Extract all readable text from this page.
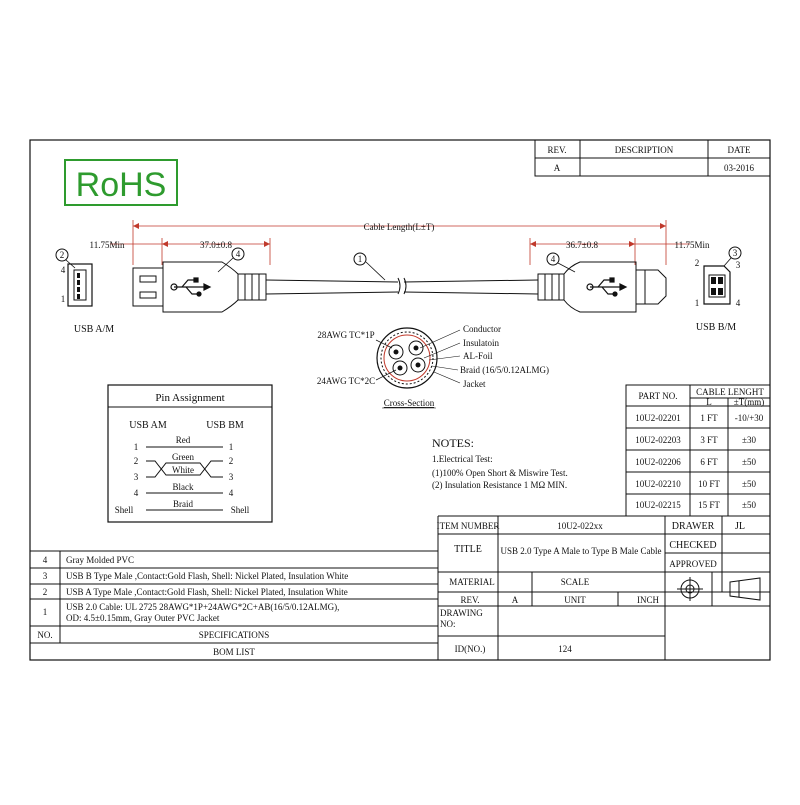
REV.	DESCRIPTION	DATE
A	03-2016
RoHS
Cable Length(L±T)
11.75Min	37.0±0.8	36.7±0.8	11.75Min
1
4	4
2	3
4
1
USB A/M
2	3
1	4
USB B/M
28AWG TC*1P
24AWG TC*2C
Cross-Section
Conductor
Insulatoin
AL-Foil
Braid (16/5/0.12ALMG)
Jacket
Pin Assignment
USB AM	USB BM
1	1
Red
2	2
3	3
Green
White
4	4
Black
Shell	Shell
Braid
NOTES:
1.Electrical Test:
(1)100% Open Short & Miswire Test.
(2) Insulation Resistance 1 MΩ MIN.
PART NO. CABLE LENGHT
L ±T(mm)
10U2-02201 1 FT -10/+30
10U2-02203 3 FT	±30
10U2-02206 6 FT	±50
10U2-02210 10 FT ±50
10U2-02215 15 FT ±50
ITEM NUMBER	10U2-022xx	DRAWER JL
TITLE USB 2.0 Type A Male to Type B Male Cable CHECKED
APPROVED
MATERIAL	SCALE
REV.	A	UNIT	INCH
DRAWING
NO:
ID(NO.)	124
4 Gray Molded PVC
3 USB B Type Male ,Contact:Gold Flash, Shell: Nickel Plated, Insulation White
2 USB A Type Male ,Contact:Gold Flash, Shell: Nickel Plated, Insulation White
1 USB 2.0 Cable: UL 2725 28AWG*1P+24AWG*2C+AB(16/5/0.12ALMG),
OD: 4.5±0.15mm, Gray Outer PVC Jacket
NO.	SPECIFICATIONS
BOM LIST
